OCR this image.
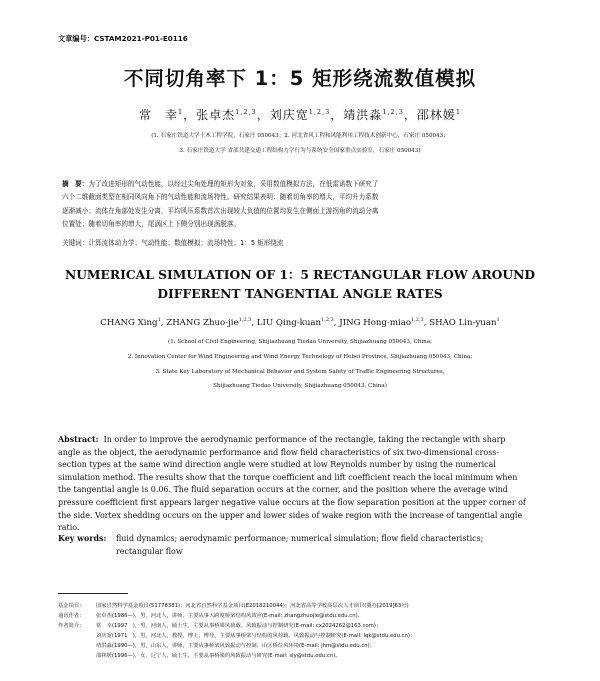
文章编号：CSTAM2021-P01-E0116
不同切角率下 1：5 矩形绕流数值模拟
常　幸$^1$，张卓杰$^{1,2,3}$，刘庆宽$^{1,2,3}$，靖洪淼$^{1,2,3}$，邵林媛$^1$
(1. 石家庄铁道大学土木工程学院，石家庄 050043；2. 河北省风工程和风能利用工程技术创新中心，石家庄 050043；
3. 石家庄铁道大学 省部共建交通工程结构力学行为与系统安全国家重点实验室，石家庄 050043)
摘　要：为了改进矩形的气动性能，以经过尖角处理的矩形为对象，采用数值模拟方法，在低雷诺数下研究了
六个二维截面类型在相同风向角下的气动性能和流场特性。研究结果表明：随着切角率的增大，平均升力系数
逐渐减小；流体在角部处发生分离，平均风压系数首次出现较大负值的位置均发生在侧面上游拐角的流动分离
位置处；随着切角率的增大，尾涡区上下侧分别出现涡脱落。
关键词：计算流体动力学；气动性能；数值模拟；流场特性；1：5 矩形绕流
NUMERICAL SIMULATION OF 1：5 RECTANGULAR FLOW AROUND
DIFFERENT TANGENTIAL ANGLE RATES
CHANG Xing$^1$, ZHANG Zhuo-jie$^{1,2,3}$, LIU Qing-kuan$^{1,2,3}$, JING Hong-miao$^{1,2,3}$, SHAO Lin-yuan$^1$
(1. School of Civil Engineering, Shijiazhuang Tiedao University, Shijiazhuang 050043, China;
2. Innovation Center for Wind Engineering and Wind Energy Technology of Hebei Province, Shijiazhuang 050043, China;
3. State Key Laboratory of Mechanical Behavior and System Safety of Traffic Engineering Structures,
Shijiazhuang Tiedao University, Shijiazhuang 050043, China)
Abstract: In order to improve the aerodynamic performance of the rectangle, taking the rectangle with sharp
angle as the object, the aerodynamic performance and flow field characteristics of six two-dimensional cross-
section types at the same wind direction angle were studied at low Reynolds number by using the numerical
simulation method. The results show that the torque coefficient and lift coefficient reach the local minimum when
the tangential angle is 0.06. The fluid separation occurs at the corner, and the position where the average wind
pressure coefficient first appears larger negative value occurs at the flow separation position at the upper corner of
the side. Vortex shedding occurs on the upper and lower sides of wake region with the increase of tangential angle
ratio.
Key words: fluid dynamics; aerodynamic performance; numerical simulation; flow field characteristics;
rectangular flow
基金项目： 国家自然科学基金项目(51778381)；河北省自然科学基金项目(E2018210044)；河北省高等学校高层次人才项目(冀办[2019]63号)
通讯作者： 张卓杰(1986—)，男，河北人，讲师，主要从事大跨度桥梁结构风效应(E-mail: zhangzhuojie@stdu.edu.cn)。
作者简介： 常　幸(1997　)，男，河南人，硕士生，主要从事桥梁风荷载、风致振动与控制研究(E-mail: cx2024262@163.com)；
刘庆宽(1971　)，男，河北人，教授，博士，博导，主要从事桥梁与结构的风荷载、风致振动与控制研究(E-mail: lqk@stdu.edu.cn)；
靖洪淼(1990—)，男，山东人，讲师，主要从事桥梁风致振动与控制、山区桥位风环境(E-mail: jhm@stdu.edu.cn)；
邵林媛(1996—)，女，辽宁人，硕士生，主要从事桥梁的风致振动与研究(E-mail: sly@stdu.edu.cn)。
